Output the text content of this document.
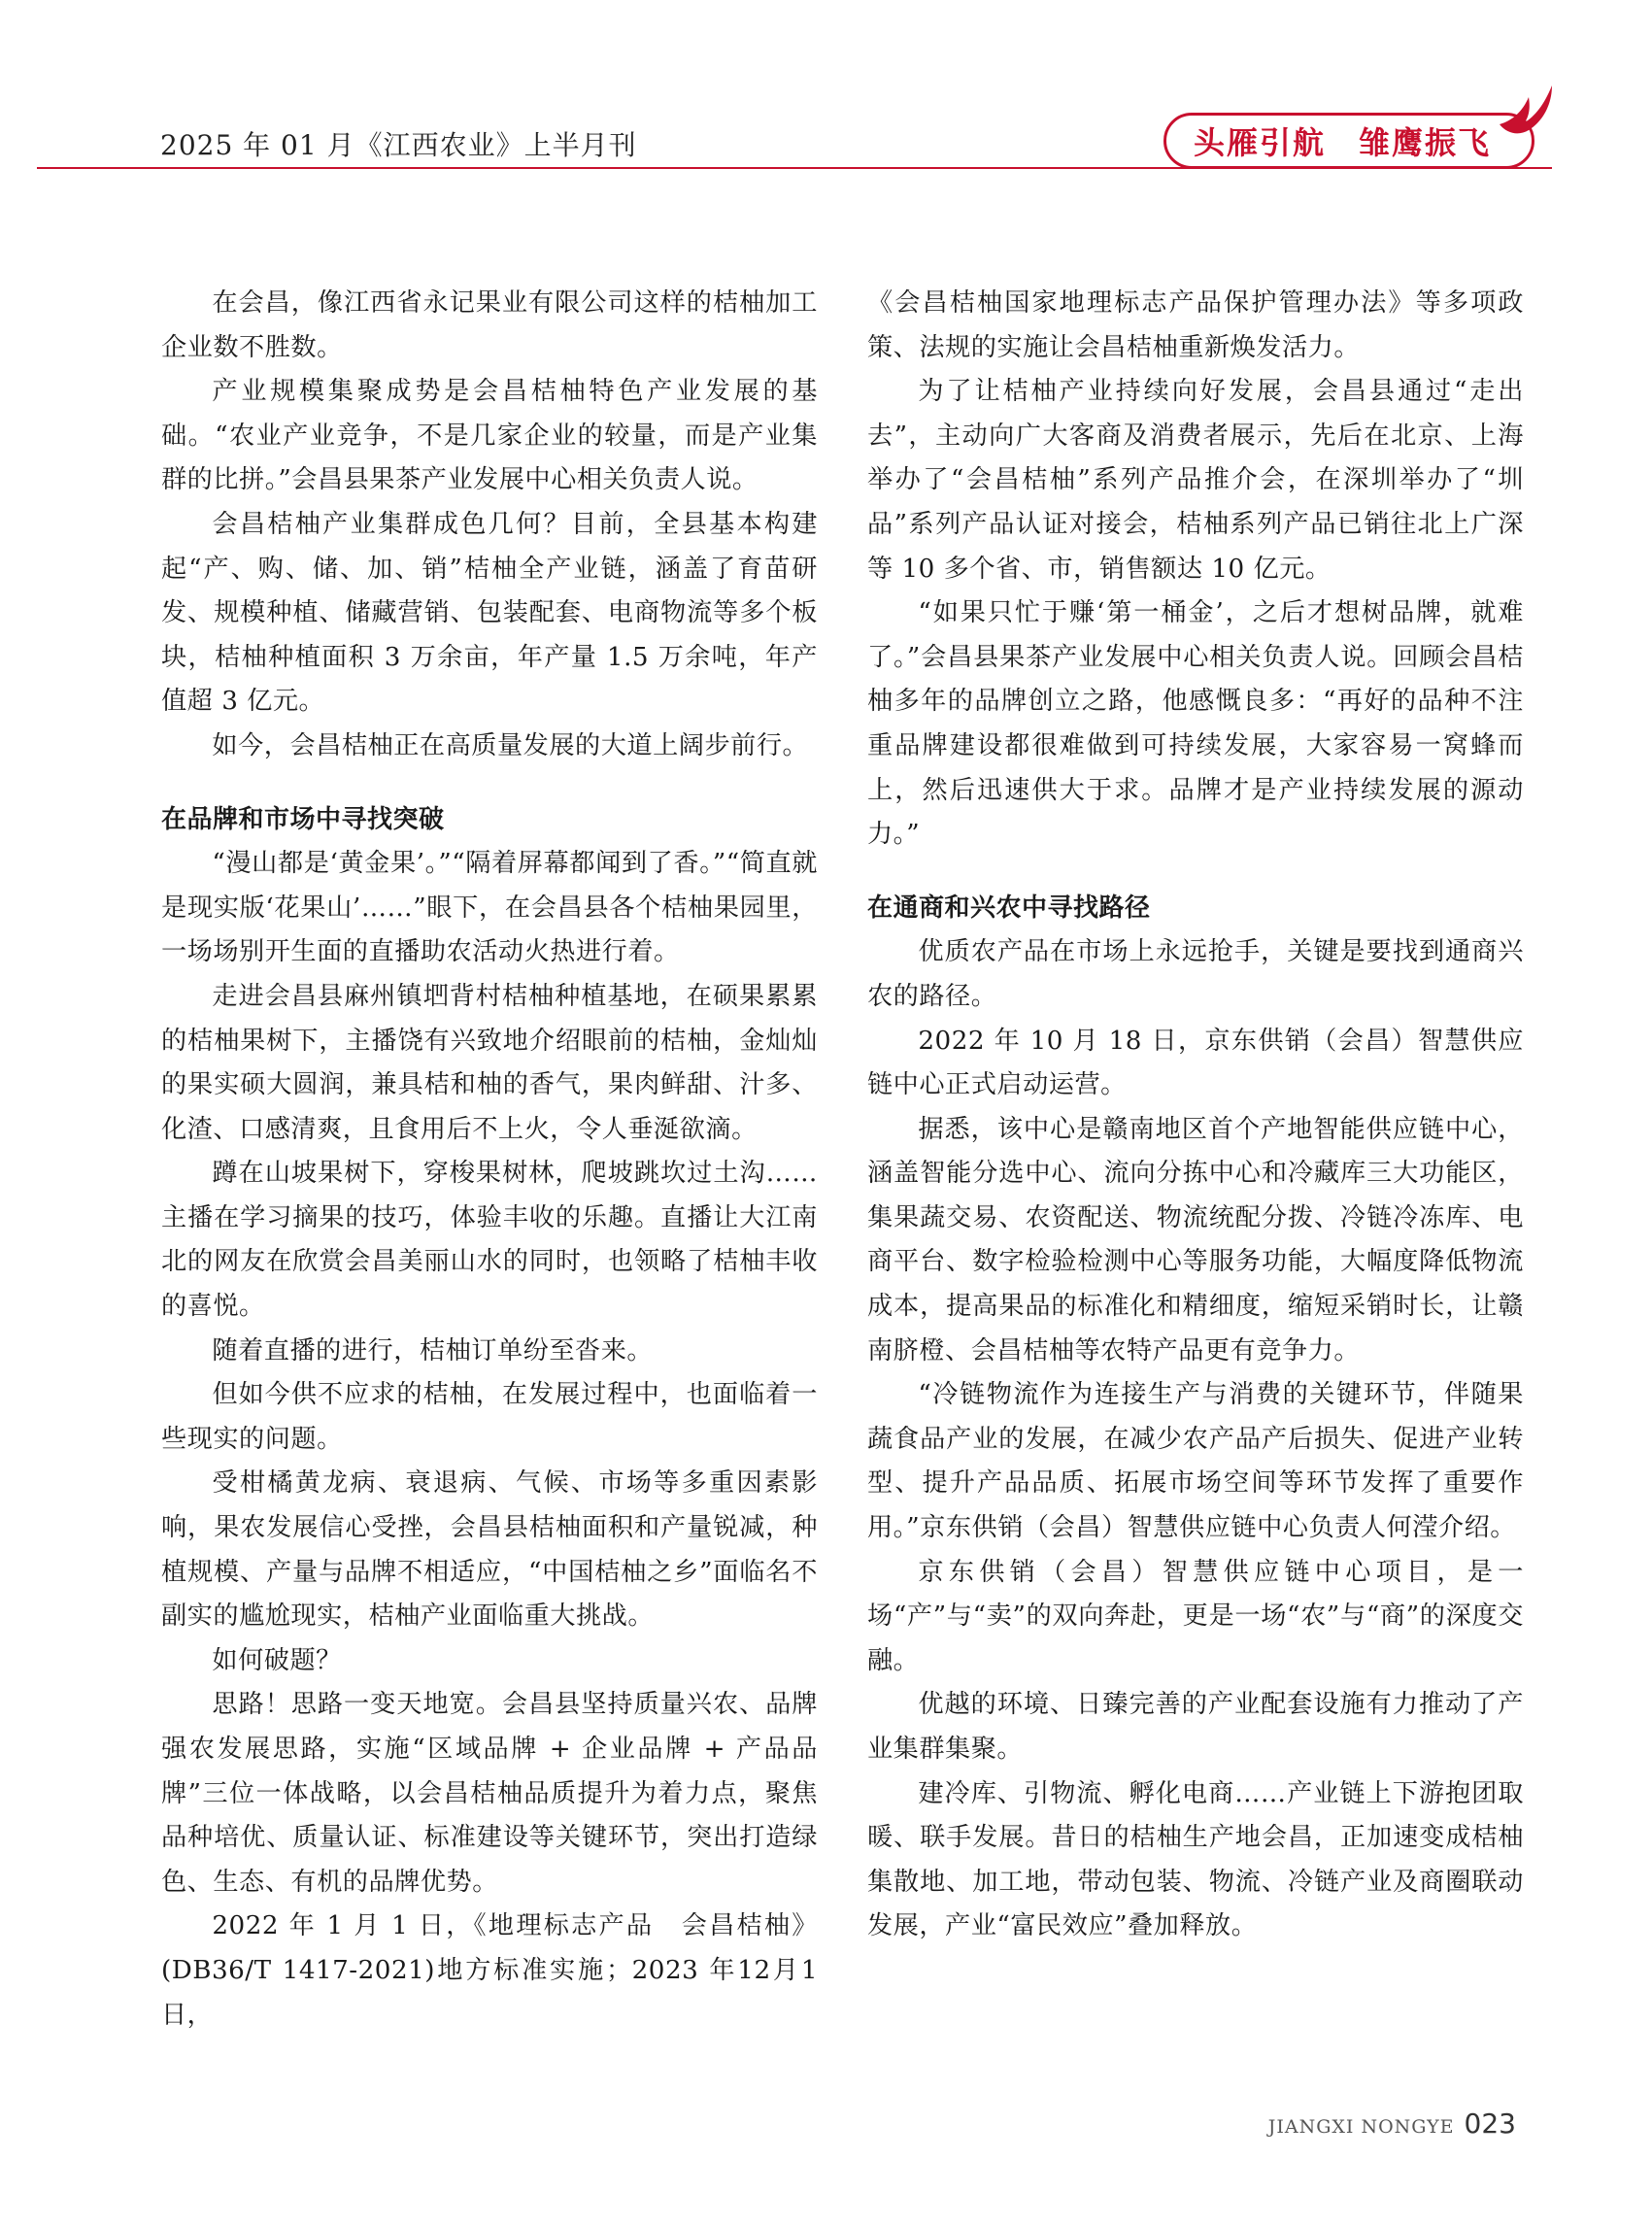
2025 年 01 月《江西农业》上半月刊	头雁引航 雏鹰振飞

在会昌，像江西省永记果业有限公司这样的桔柚加工企业数不胜数。

产业规模集聚成势是会昌桔柚特色产业发展的基础。“农业产业竞争，不是几家企业的较量，而是产业集群的比拼。”会昌县果茶产业发展中心相关负责人说。

会昌桔柚产业集群成色几何？目前，全县基本构建起“产、购、储、加、销”桔柚全产业链，涵盖了育苗研发、规模种植、储藏营销、包装配套、电商物流等多个板块，桔柚种植面积 3 万余亩，年产量 1.5 万余吨，年产值超 3 亿元。

如今，会昌桔柚正在高质量发展的大道上阔步前行。

在品牌和市场中寻找突破

“漫山都是‘黄金果’。”“隔着屏幕都闻到了香。”“简直就是现实版‘花果山’……”眼下，在会昌县各个桔柚果园里，一场场别开生面的直播助农活动火热进行着。

走进会昌县麻州镇垇背村桔柚种植基地，在硕果累累的桔柚果树下，主播饶有兴致地介绍眼前的桔柚，金灿灿的果实硕大圆润，兼具桔和柚的香气，果肉鲜甜、汁多、化渣、口感清爽，且食用后不上火，令人垂涎欲滴。

蹲在山坡果树下，穿梭果树林，爬坡跳坎过土沟……主播在学习摘果的技巧，体验丰收的乐趣。直播让大江南北的网友在欣赏会昌美丽山水的同时，也领略了桔柚丰收的喜悦。

随着直播的进行，桔柚订单纷至沓来。

但如今供不应求的桔柚，在发展过程中，也面临着一些现实的问题。

受柑橘黄龙病、衰退病、气候、市场等多重因素影响，果农发展信心受挫，会昌县桔柚面积和产量锐减，种植规模、产量与品牌不相适应，“中国桔柚之乡”面临名不副实的尴尬现实，桔柚产业面临重大挑战。

如何破题？

思路！思路一变天地宽。会昌县坚持质量兴农、品牌强农发展思路，实施“区域品牌 + 企业品牌 + 产品品牌”三位一体战略，以会昌桔柚品质提升为着力点，聚焦品种培优、质量认证、标准建设等关键环节，突出打造绿色、生态、有机的品牌优势。

2022 年 1 月 1 日，《地理标志产品　会昌桔柚》(DB36/T 1417-2021)地方标准实施；2023 年12月1日，

《会昌桔柚国家地理标志产品保护管理办法》等多项政策、法规的实施让会昌桔柚重新焕发活力。

为了让桔柚产业持续向好发展，会昌县通过“走出去”，主动向广大客商及消费者展示，先后在北京、上海举办了“会昌桔柚”系列产品推介会，在深圳举办了“圳品”系列产品认证对接会，桔柚系列产品已销往北上广深等 10 多个省、市，销售额达 10 亿元。

“如果只忙于赚‘第一桶金’，之后才想树品牌，就难了。”会昌县果茶产业发展中心相关负责人说。回顾会昌桔柚多年的品牌创立之路，他感慨良多：“再好的品种不注重品牌建设都很难做到可持续发展，大家容易一窝蜂而上，然后迅速供大于求。品牌才是产业持续发展的源动力。”

在通商和兴农中寻找路径

优质农产品在市场上永远抢手，关键是要找到通商兴农的路径。

2022 年 10 月 18 日，京东供销（会昌）智慧供应链中心正式启动运营。

据悉，该中心是赣南地区首个产地智能供应链中心，涵盖智能分选中心、流向分拣中心和冷藏库三大功能区，集果蔬交易、农资配送、物流统配分拨、冷链冷冻库、电商平台、数字检验检测中心等服务功能，大幅度降低物流成本，提高果品的标准化和精细度，缩短采销时长，让赣南脐橙、会昌桔柚等农特产品更有竞争力。

“冷链物流作为连接生产与消费的关键环节，伴随果蔬食品产业的发展，在减少农产品产后损失、促进产业转型、提升产品品质、拓展市场空间等环节发挥了重要作用。”京东供销（会昌）智慧供应链中心负责人何滢介绍。

京东供销（会昌）智慧供应链中心项目，是一场“产”与“卖”的双向奔赴，更是一场“农”与“商”的深度交融。

优越的环境、日臻完善的产业配套设施有力推动了产业集群集聚。

建冷库、引物流、孵化电商……产业链上下游抱团取暖、联手发展。昔日的桔柚生产地会昌，正加速变成桔柚集散地、加工地，带动包装、物流、冷链产业及商圈联动发展，产业“富民效应”叠加释放。

JIANGXI NONGYE 023
